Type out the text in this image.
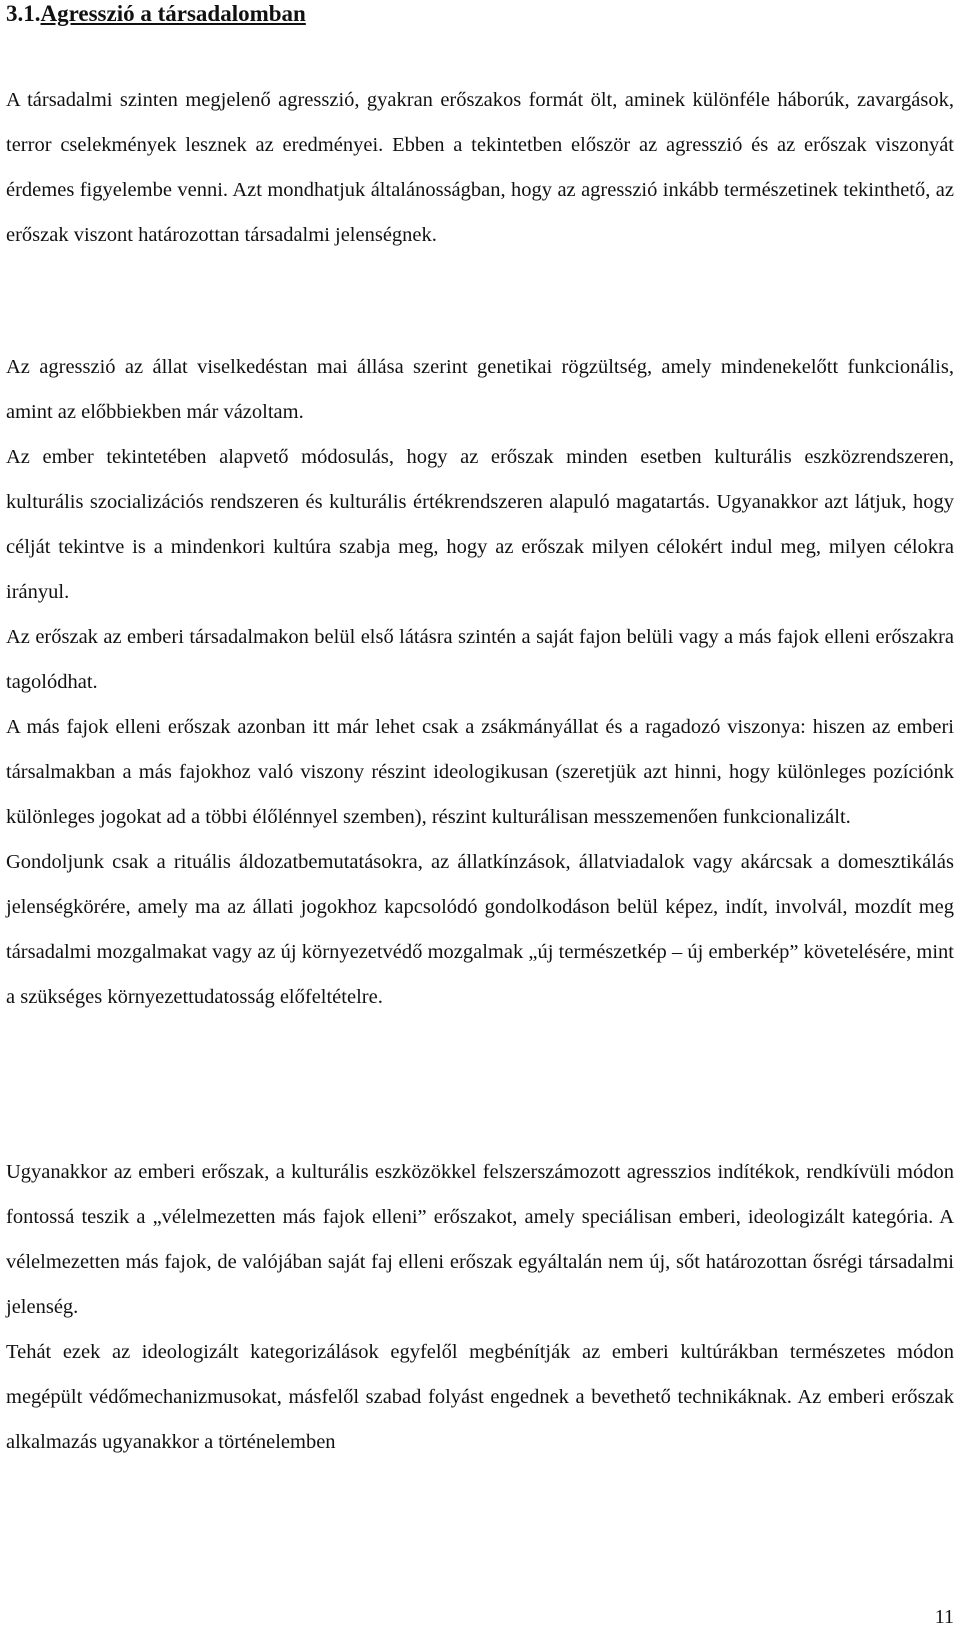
3.1.Agresszió a társadalomban

A társadalmi szinten megjelenő agresszió, gyakran erőszakos formát ölt, aminek különféle háborúk, zavargások, terror cselekmények lesznek az eredményei. Ebben a tekintetben először az agresszió és az erőszak viszonyát érdemes figyelembe venni. Azt mondhatjuk általánosságban, hogy az agresszió inkább természetinek tekinthető, az erőszak viszont határozottan társadalmi jelenségnek.

Az agresszió az állat viselkedéstan mai állása szerint genetikai rögzültség, amely mindenekelőtt funkcionális, amint az előbbiekben már vázoltam.

Az ember tekintetében alapvető módosulás, hogy az erőszak minden esetben kulturális eszközrendszeren, kulturális szocializációs rendszeren és kulturális értékrendszeren alapuló magatartás. Ugyanakkor azt látjuk, hogy célját tekintve is a mindenkori kultúra szabja meg, hogy az erőszak milyen célokért indul meg, milyen célokra irányul.

Az erőszak az emberi társadalmakon belül első látásra szintén a saját fajon belüli vagy a más fajok elleni erőszakra tagolódhat.

A más fajok elleni erőszak azonban itt már lehet csak a zsákmányállat és a ragadozó viszonya: hiszen az emberi társalmakban a más fajokhoz való viszony részint ideologikusan (szeretjük azt hinni, hogy különleges pozíciónk különleges jogokat ad a többi élőlénnyel szemben), részint kulturálisan messzemenően funkcionalizált.

Gondoljunk csak a rituális áldozatbemutatásokra, az állatkínzások, állatviadalok vagy akárcsak a domesztikálás jelenségkörére, amely ma az állati jogokhoz kapcsolódó gondolkodáson belül képez, indít, involvál, mozdít meg társadalmi mozgalmakat vagy az új környezetvédő mozgalmak „új természetkép – új emberkép” követelésére, mint a szükséges környezettudatosság előfeltételre.

Ugyanakkor az emberi erőszak, a kulturális eszközökkel felszerszámozott agresszios indítékok, rendkívüli módon fontossá teszik a „vélelmezetten más fajok elleni” erőszakot, amely speciálisan emberi, ideologizált kategória. A vélelmezetten más fajok, de valójában saját faj elleni erőszak egyáltalán nem új, sőt határozottan ősrégi társadalmi jelenség.

Tehát ezek az ideologizált kategorizálások egyfelől megbénítják az emberi kultúrákban természetes módon megépült védőmechanizmusokat, másfelől szabad folyást engednek a bevethető technikáknak. Az emberi erőszak alkalmazás ugyanakkor a történelemben

11
